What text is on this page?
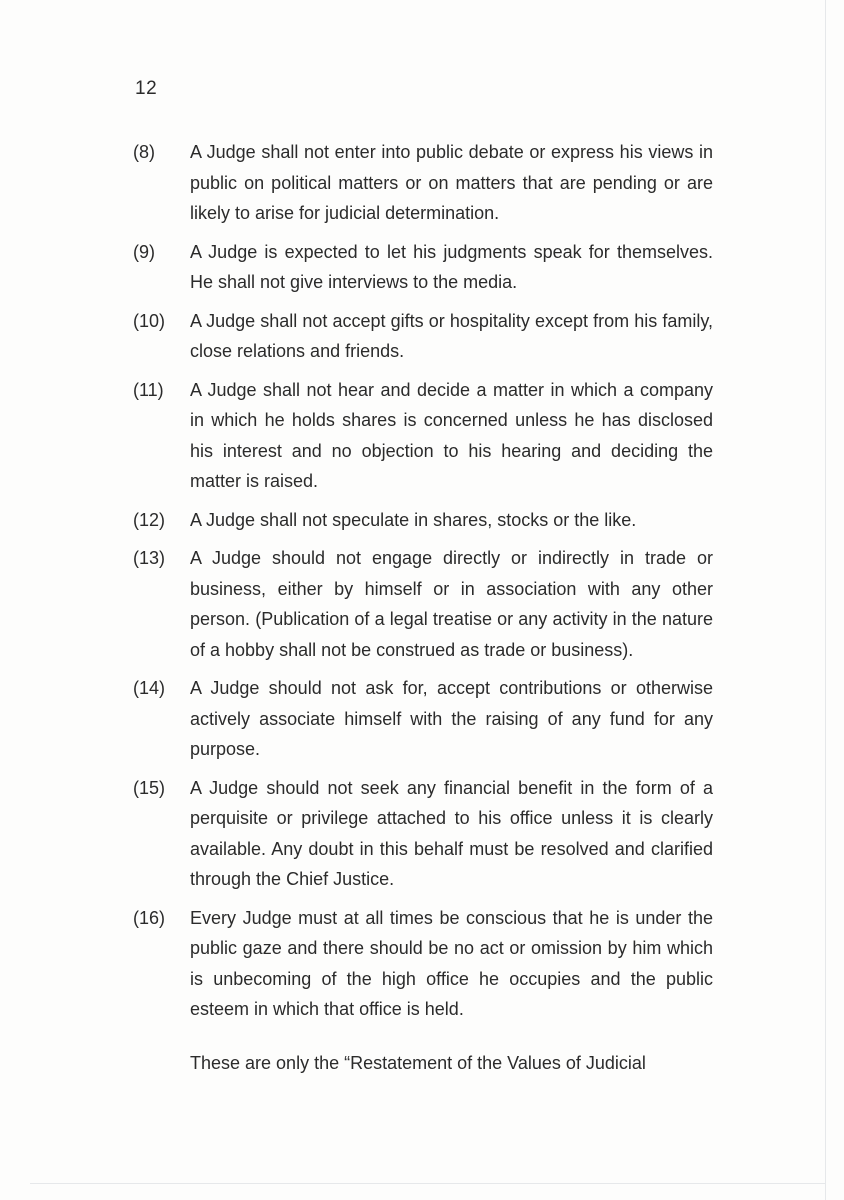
12
(8)	A Judge shall not enter into public debate or express his views in public on political matters or on matters that are pending or are likely to arise for judicial determination.
(9)	A Judge is expected to let his judgments speak for themselves. He shall not give interviews to the media.
(10)	A Judge shall not accept gifts or hospitality except from his family, close relations and friends.
(11)	A Judge shall not hear and decide a matter in which a company in which he holds shares is concerned unless he has disclosed his interest and no objection to his hearing and deciding the matter is raised.
(12)	A Judge shall not speculate in shares, stocks or the like.
(13)	A Judge should not engage directly or indirectly in trade or business, either by himself or in association with any other person. (Publication of a legal treatise or any activity in the nature of a hobby shall not be construed as trade or business).
(14)	A Judge should not ask for, accept contributions or otherwise actively associate himself with the raising of any fund for any purpose.
(15)	A Judge should not seek any financial benefit in the form of a perquisite or privilege attached to his office unless it is clearly available. Any doubt in this behalf must be resolved and clarified through the Chief Justice.
(16)	Every Judge must at all times be conscious that he is under the public gaze and there should be no act or omission by him which is unbecoming of the high office he occupies and the public esteem in which that office is held.
These are only the “Restatement of the Values of Judicial
